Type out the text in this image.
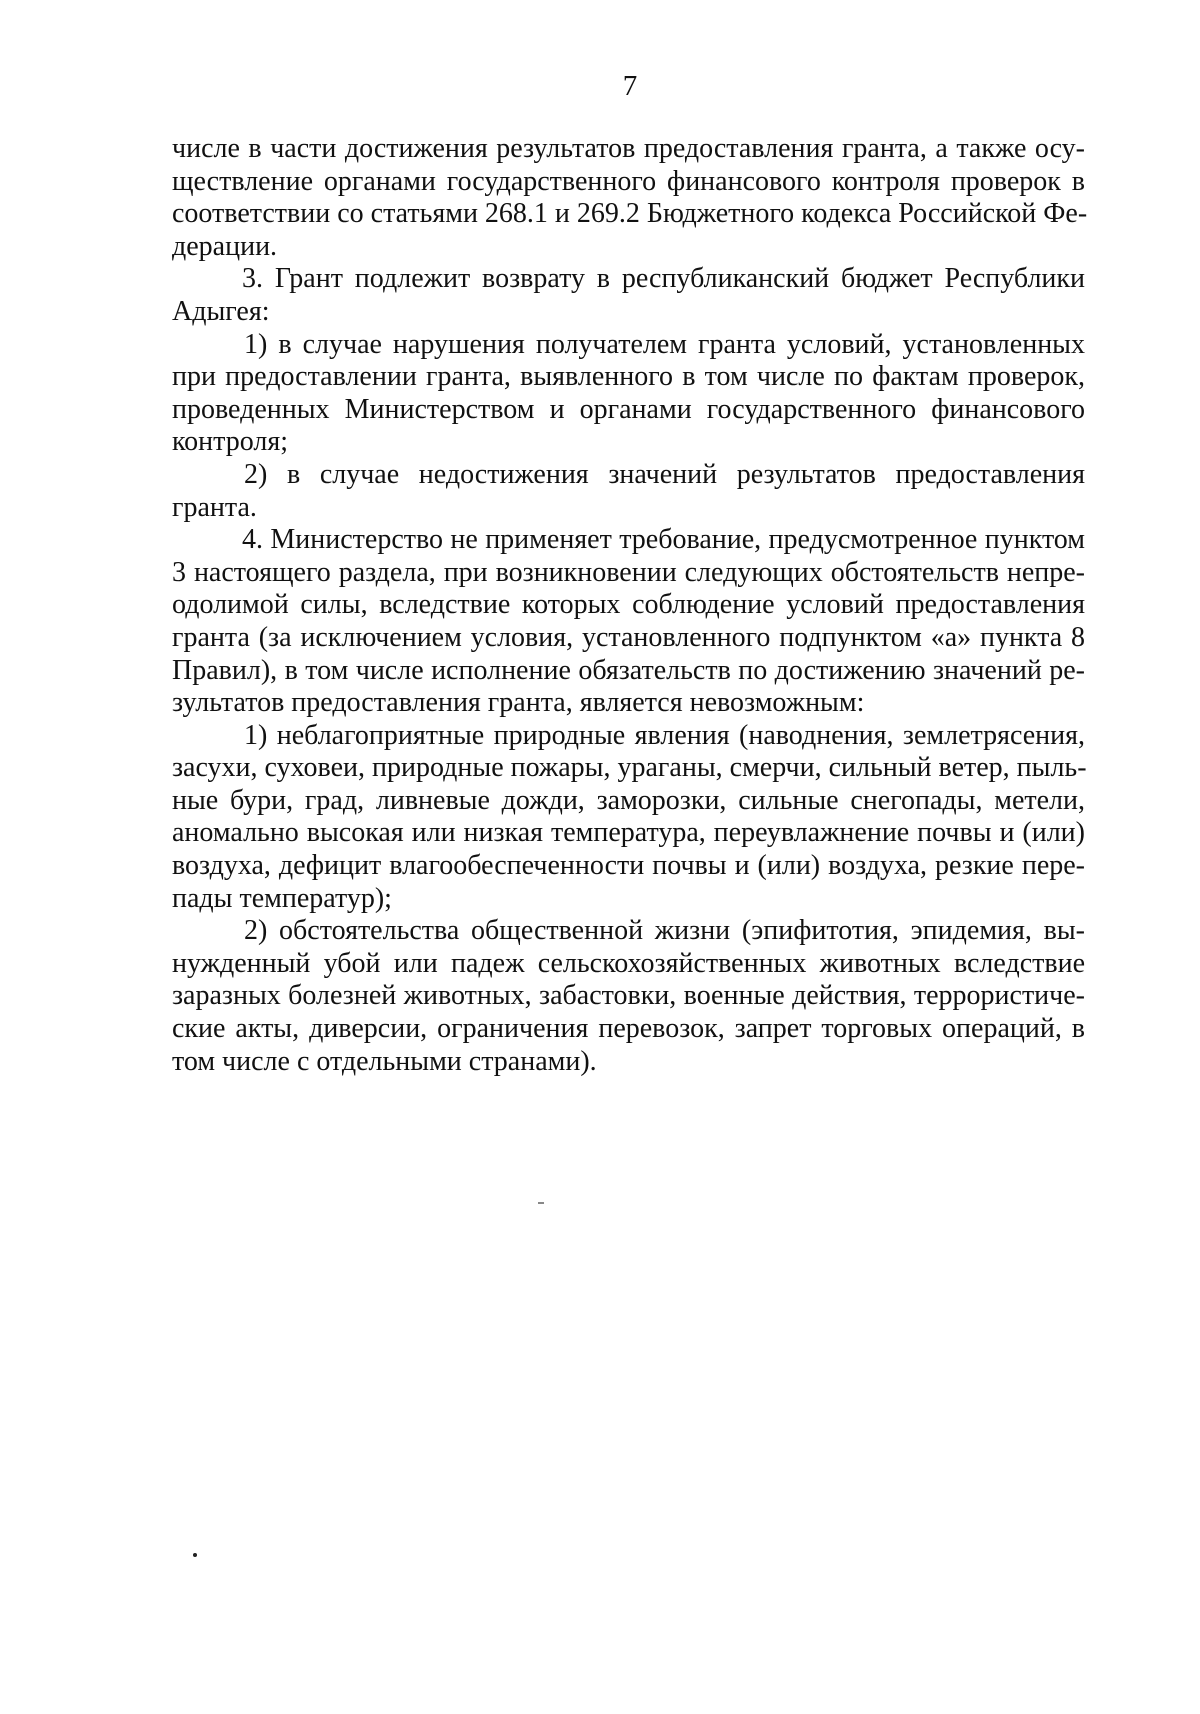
7
числе в части достижения результатов предоставления гранта, а также осу-
ществление органами государственного финансового контроля проверок в
соответствии со статьями 268.1 и 269.2 Бюджетного кодекса Российской Фе-
дерации.
3. Грант подлежит возврату в республиканский бюджет Республики
Адыгея:
1) в случае нарушения получателем гранта условий, установленных
при предоставлении гранта, выявленного в том числе по фактам проверок,
проведенных Министерством и органами государственного финансового
контроля;
2) в случае недостижения значений результатов предоставления
гранта.
4. Министерство не применяет требование, предусмотренное пунктом
3 настоящего раздела, при возникновении следующих обстоятельств непре-
одолимой силы, вследствие которых соблюдение условий предоставления
гранта (за исключением условия, установленного подпунктом «а» пункта 8
Правил), в том числе исполнение обязательств по достижению значений ре-
зультатов предоставления гранта, является невозможным:
1) неблагоприятные природные явления (наводнения, землетрясения,
засухи, суховеи, природные пожары, ураганы, смерчи, сильный ветер, пыль-
ные бури, град, ливневые дожди, заморозки, сильные снегопады, метели,
аномально высокая или низкая температура, переувлажнение почвы и (или)
воздуха, дефицит влагообеспеченности почвы и (или) воздуха, резкие пере-
пады температур);
2) обстоятельства общественной жизни (эпифитотия, эпидемия, вы-
нужденный убой или падеж сельскохозяйственных животных вследствие
заразных болезней животных, забастовки, военные действия, террористиче-
ские акты, диверсии, ограничения перевозок, запрет торговых операций, в
том числе с отдельными странами).
